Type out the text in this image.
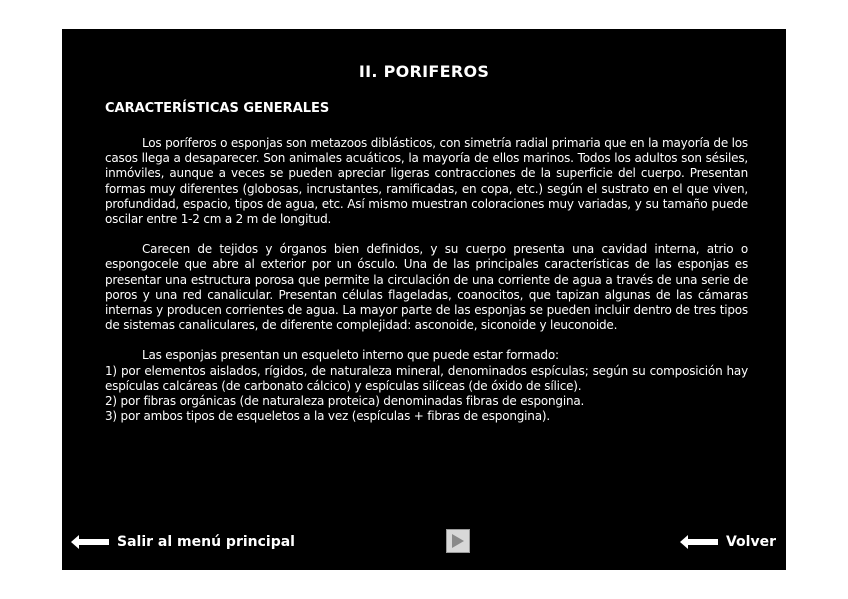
II. PORIFEROS
CARACTERÍSTICAS GENERALES

Los poríferos o esponjas son metazoos diblásticos, con simetría radial primaria que en la mayoría de los casos llega a desaparecer. Son animales acuáticos, la mayoría de ellos marinos. Todos los adultos son sésiles, inmóviles, aunque a veces se pueden apreciar ligeras contracciones de la superficie del cuerpo. Presentan formas muy diferentes (globosas, incrustantes, ramificadas, en copa, etc.) según el sustrato en el que viven, profundidad, espacio, tipos de agua, etc. Así mismo muestran coloraciones muy variadas, y su tamaño puede oscilar entre 1-2 cm a 2 m de longitud.

Carecen de tejidos y órganos bien definidos, y su cuerpo presenta una cavidad interna, atrio o espongocele que abre al exterior por un ósculo. Una de las principales características de las esponjas es presentar una estructura porosa que permite la circulación de una corriente de agua a través de una serie de poros y una red canalicular. Presentan células flageladas, coanocitos, que tapizan algunas de las cámaras internas y producen corrientes de agua. La mayor parte de las esponjas se pueden incluir dentro de tres tipos de sistemas canaliculares, de diferente complejidad: asconoide, siconoide y leuconoide.

Las esponjas presentan un esqueleto interno que puede estar formado:

1) por elementos aislados, rígidos, de naturaleza mineral, denominados espículas; según su composición hay espículas calcáreas (de carbonato cálcico) y espículas silíceas (de óxido de sílice).

2) por fibras orgánicas (de naturaleza proteica) denominadas fibras de espongina.

3) por ambos tipos de esqueletos a la vez (espículas + fibras de espongina).

Salir al menú principal	Volver
